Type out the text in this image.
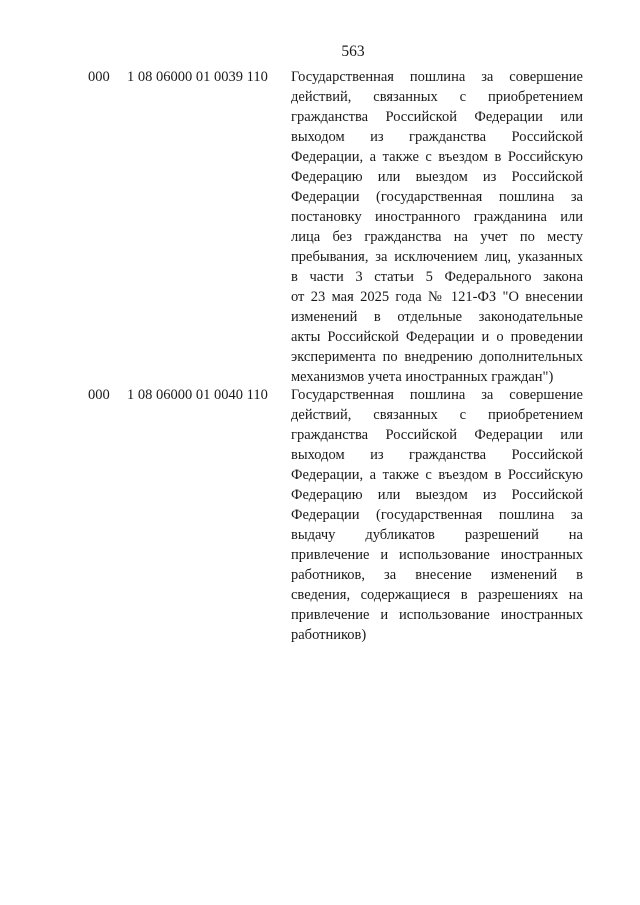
563
000 1 08 06000 01 0039 110 Государственная пошлина за совершение
действий, связанных с приобретением
гражданства Российской Федерации или
выходом из гражданства Российской
Федерации, а также с въездом в Российскую
Федерацию или выездом из Российской
Федерации (государственная пошлина за
постановку иностранного гражданина или
лица без гражданства на учет по месту
пребывания, за исключением лиц, указанных
в части 3 статьи 5 Федерального закона
от 23 мая 2025 года № 121-ФЗ "О внесении
изменений в отдельные законодательные
акты Российской Федерации и о проведении
эксперимента по внедрению дополнительных
механизмов учета иностранных граждан")
000 1 08 06000 01 0040 110 Государственная пошлина за совершение
действий, связанных с приобретением
гражданства Российской Федерации или
выходом из гражданства Российской
Федерации, а также с въездом в Российскую
Федерацию или выездом из Российской
Федерации (государственная пошлина за
выдачу дубликатов разрешений на
привлечение и использование иностранных
работников, за внесение изменений в
сведения, содержащиеся в разрешениях на
привлечение и использование иностранных
работников)
